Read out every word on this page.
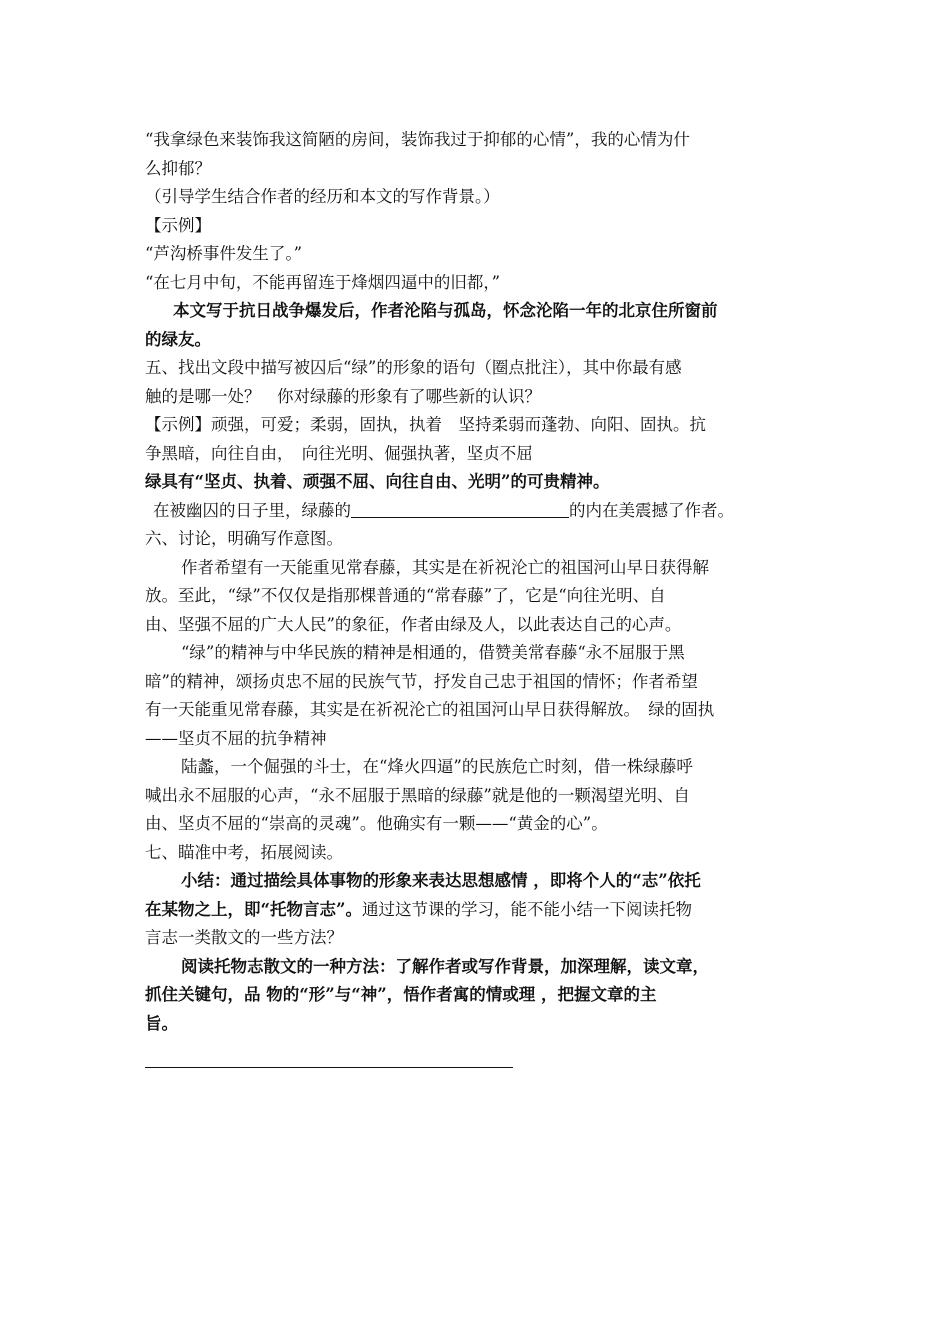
“我拿绿色来装饰我这简陋的房间，装饰我过于抑郁的心情”，我的心情为什
么抑郁？
（引导学生结合作者的经历和本文的写作背景。）
【示例】
“芦沟桥事件发生了。”
“在七月中旬，不能再留连于烽烟四逼中的旧都，”
本文写于抗日战争爆发后，作者沦陷与孤岛，怀念沦陷一年的北京住所窗前
的绿友。
五、找出文段中描写被囚后“绿”的形象的语句（圈点批注），其中你最有感
触的是哪一处？　你对绿藤的形象有了哪些新的认识？
【示例】顽强，可爱；柔弱，固执，执着　坚持柔弱而蓬勃、向阳、固执。抗
争黑暗，向往自由，　向往光明、倔强执著，坚贞不屈
绿具有“坚贞、执着、顽强不屈、向往自由、光明”的可贵精神。
在被幽囚的日子里，绿藤的	的内在美震撼了作者。
六、讨论，明确写作意图。
作者希望有一天能重见常春藤，其实是在祈祝沦亡的祖国河山早日获得解
放。至此，“绿”不仅仅是指那棵普通的“常春藤”了，它是“向往光明、自
由、坚强不屈的广大人民”的象征，作者由绿及人，以此表达自己的心声。
“绿”的精神与中华民族的精神是相通的，借赞美常春藤“永不屈服于黑
暗”的精神，颂扬贞忠不屈的民族气节，抒发自己忠于祖国的情怀；作者希望
有一天能重见常春藤，其实是在祈祝沦亡的祖国河山早日获得解放。　绿的固执
——坚贞不屈的抗争精神
陆蠡，一个倔强的斗士，在“烽火四逼”的民族危亡时刻，借一株绿藤呼
喊出永不屈服的心声，“永不屈服于黑暗的绿藤”就是他的一颗渴望光明、自
由、坚贞不屈的“崇高的灵魂”。他确实有一颗——“黄金的心”。
七、瞄准中考，拓展阅读。
小结：通过描绘具体事物的形象来表达思想感情 ，即将个人的“志”依托
在某物之上，即“托物言志”。通过这节课的学习，能不能小结一下阅读托物
言志一类散文的一些方法？
阅读托物志散文的一种方法：了解作者或写作背景，加深理解，读文章，
抓住关键句，品 物的“形”与“神”，悟作者寓的情或理 ，把握文章的主
旨。
